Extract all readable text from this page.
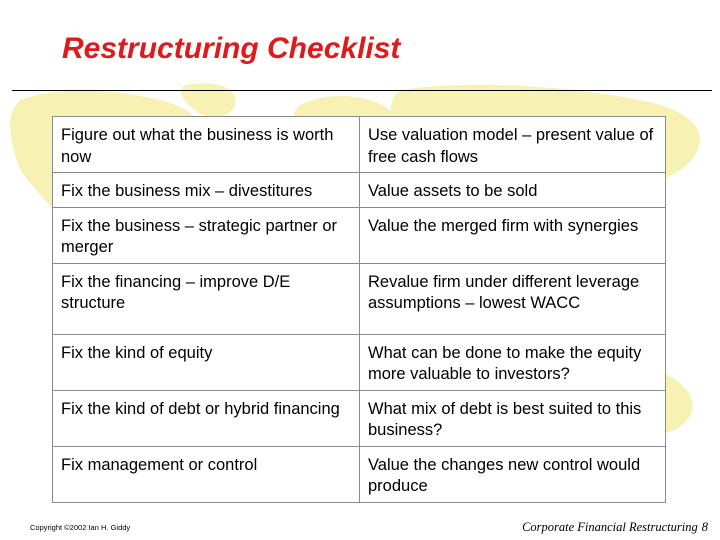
Restructuring Checklist
Figure out what the business is worth now	Use valuation model – present value of free cash flows
Fix the business mix – divestitures	Value assets to be sold
Fix the business – strategic partner or merger	Value the merged firm with synergies
Fix the financing – improve D/E structure	Revalue firm under different leverage assumptions – lowest WACC
Fix the kind of equity	What can be done to make the equity more valuable to investors?
Fix the kind of debt or hybrid financing	What mix of debt is best suited to this business?
Fix management or control	Value the changes new control would produce
Copyright ©2002 Ian H. Giddy	Corporate Financial Restructuring 8
